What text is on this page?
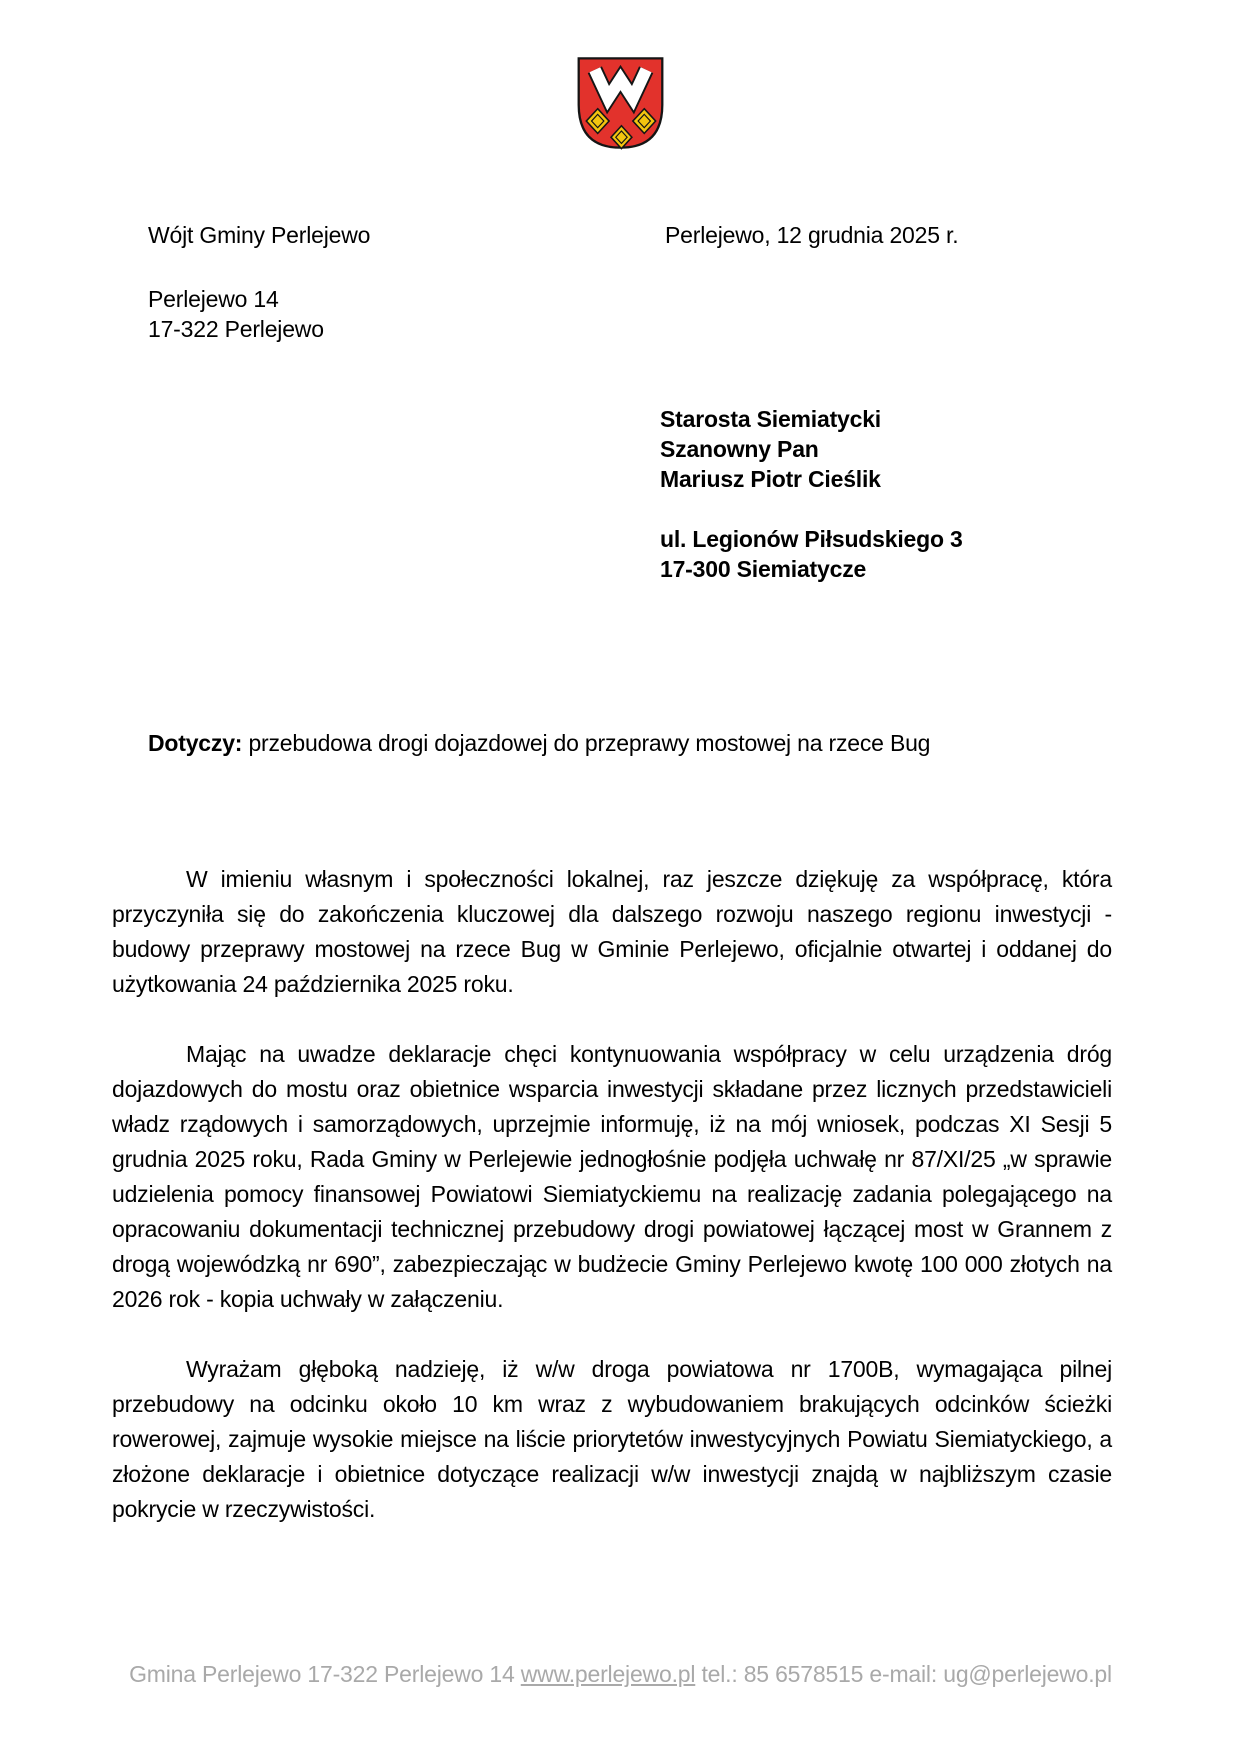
Wójt Gminy Perlejewo	Perlejewo, 12 grudnia 2025 r.
Perlejewo 14
17-322 Perlejewo
Starosta Siemiatycki
Szanowny Pan
Mariusz Piotr Cieślik
ul. Legionów Piłsudskiego 3
17-300 Siemiatycze
Dotyczy: przebudowa drogi dojazdowej do przeprawy mostowej na rzece Bug

W imieniu własnym i społeczności lokalnej, raz jeszcze dziękuję za współpracę, która przyczyniła się do zakończenia kluczowej dla dalszego rozwoju naszego regionu inwestycji - budowy przeprawy mostowej na rzece Bug w Gminie Perlejewo, oficjalnie otwartej i oddanej do użytkowania 24 października 2025 roku.

Mając na uwadze deklaracje chęci kontynuowania współpracy w celu urządzenia dróg dojazdowych do mostu oraz obietnice wsparcia inwestycji składane przez licznych przedstawicieli władz rządowych i samorządowych, uprzejmie informuję, iż na mój wniosek, podczas XI Sesji 5 grudnia 2025 roku, Rada Gminy w Perlejewie jednogłośnie podjęła uchwałę nr 87/XI/25 „w sprawie udzielenia pomocy finansowej Powiatowi Siemiatyckiemu na realizację zadania polegającego na opracowaniu dokumentacji technicznej przebudowy drogi powiatowej łączącej most w Grannem z drogą wojewódzką nr 690”, zabezpieczając w budżecie Gminy Perlejewo kwotę 100 000 złotych na 2026 rok - kopia uchwały w załączeniu.

Wyrażam głęboką nadzieję, iż w/w droga powiatowa nr 1700B, wymagająca pilnej przebudowy na odcinku około 10 km wraz z wybudowaniem brakujących odcinków ścieżki rowerowej, zajmuje wysokie miejsce na liście priorytetów inwestycyjnych Powiatu Siemiatyckiego, a złożone deklaracje i obietnice dotyczące realizacji w/w inwestycji znajdą w najbliższym czasie pokrycie w rzeczywistości.

Gmina Perlejewo 17-322 Perlejewo 14 www.perlejewo.pl tel.: 85 6578515 e-mail: ug@perlejewo.pl
